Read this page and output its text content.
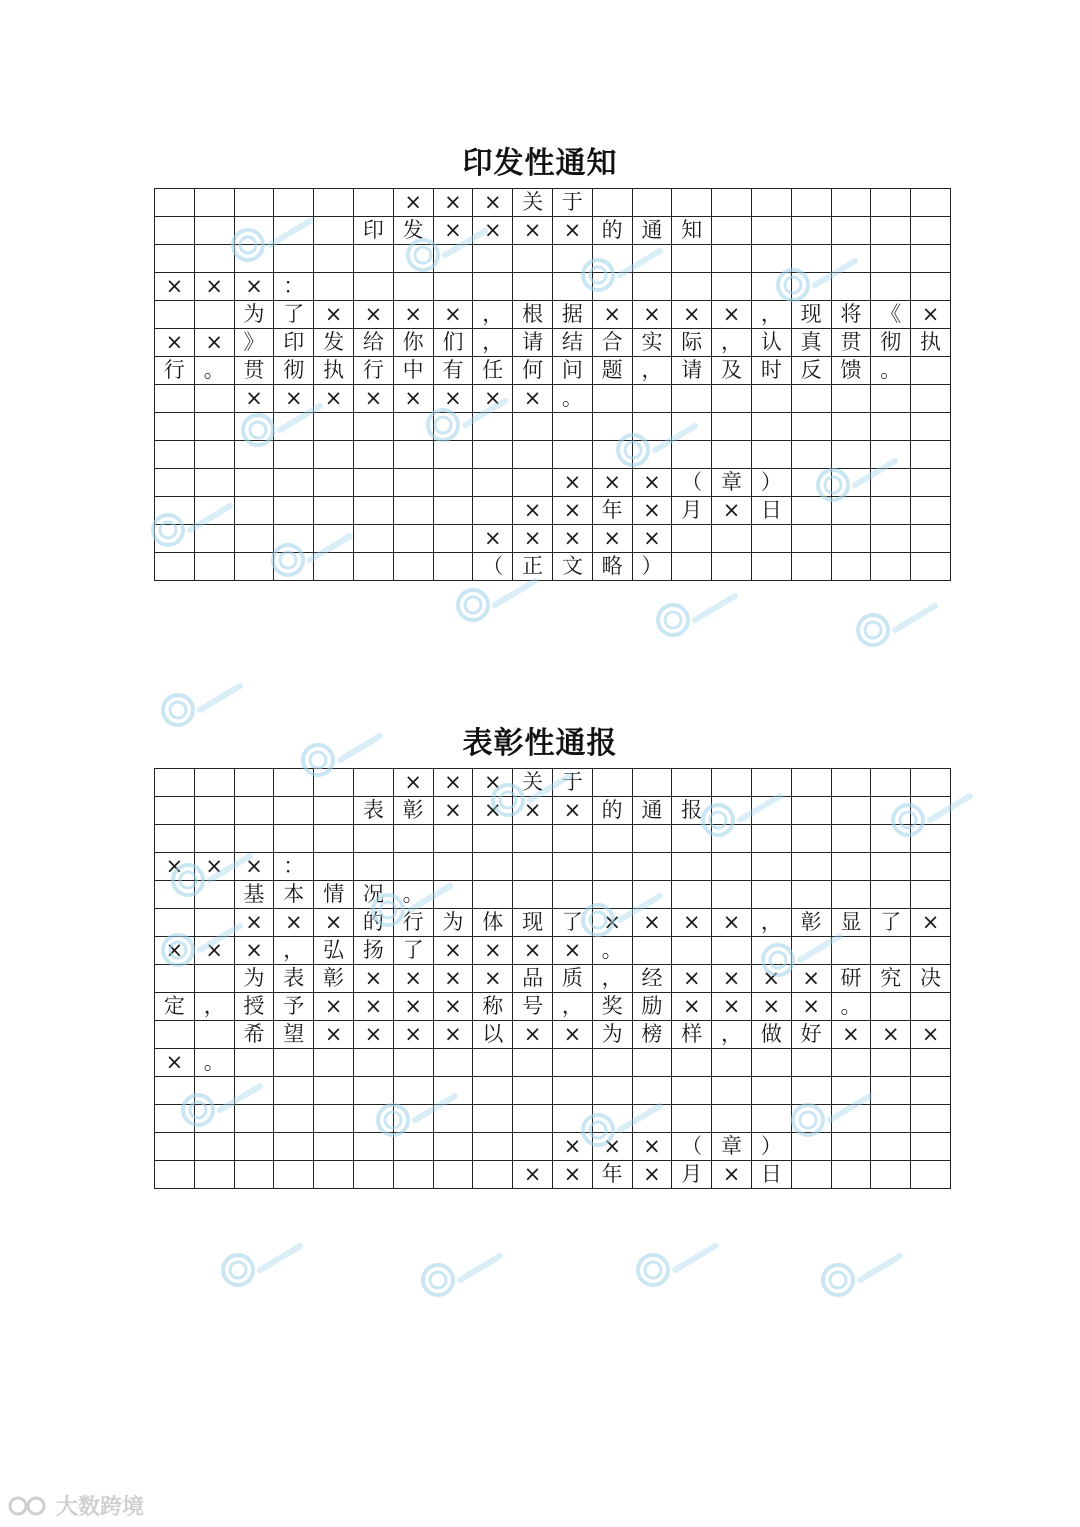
印发性通知
						×	×	×	关	于									
					印	发	×	×	×	×	的	通	知						

×	×	×	：																
		为	了	×	×	×	×	，	根	据	×	×	×	×	，	现	将	《	×
×	×	》	印	发	给	你	们	，	请	结	合	实	际	，	认	真	贯	彻	执
行	。	贯	彻	执	行	中	有	任	何	问	题	，	请	及	时	反	馈	。	
		×	×	×	×	×	×	×	×	。									

										×	×	×	（	章	）				
									×	×	年	×	月	×	日				
								×	×	×	×	×							
								（	正	文	略	）							
表彰性通报
						×	×	×	关	于									
					表	彰	×	×	×	×	的	通	报						

×	×	×	：																
		基	本	情	况	。													
		×	×	×	的	行	为	体	现	了	×	×	×	×	，	彰	显	了	×
×	×	×	，	弘	扬	了	×	×	×	×	。								
		为	表	彰	×	×	×	×	品	质	，	经	×	×	×	×	研	究	决
定	，	授	予	×	×	×	×	称	号	，	奖	励	×	×	×	×	。		
		希	望	×	×	×	×	以	×	×	为	榜	样	，	做	好	×	×	×
×	。																		

										×	×	×	（	章	）				
									×	×	年	×	月	×	日				
大数跨境
